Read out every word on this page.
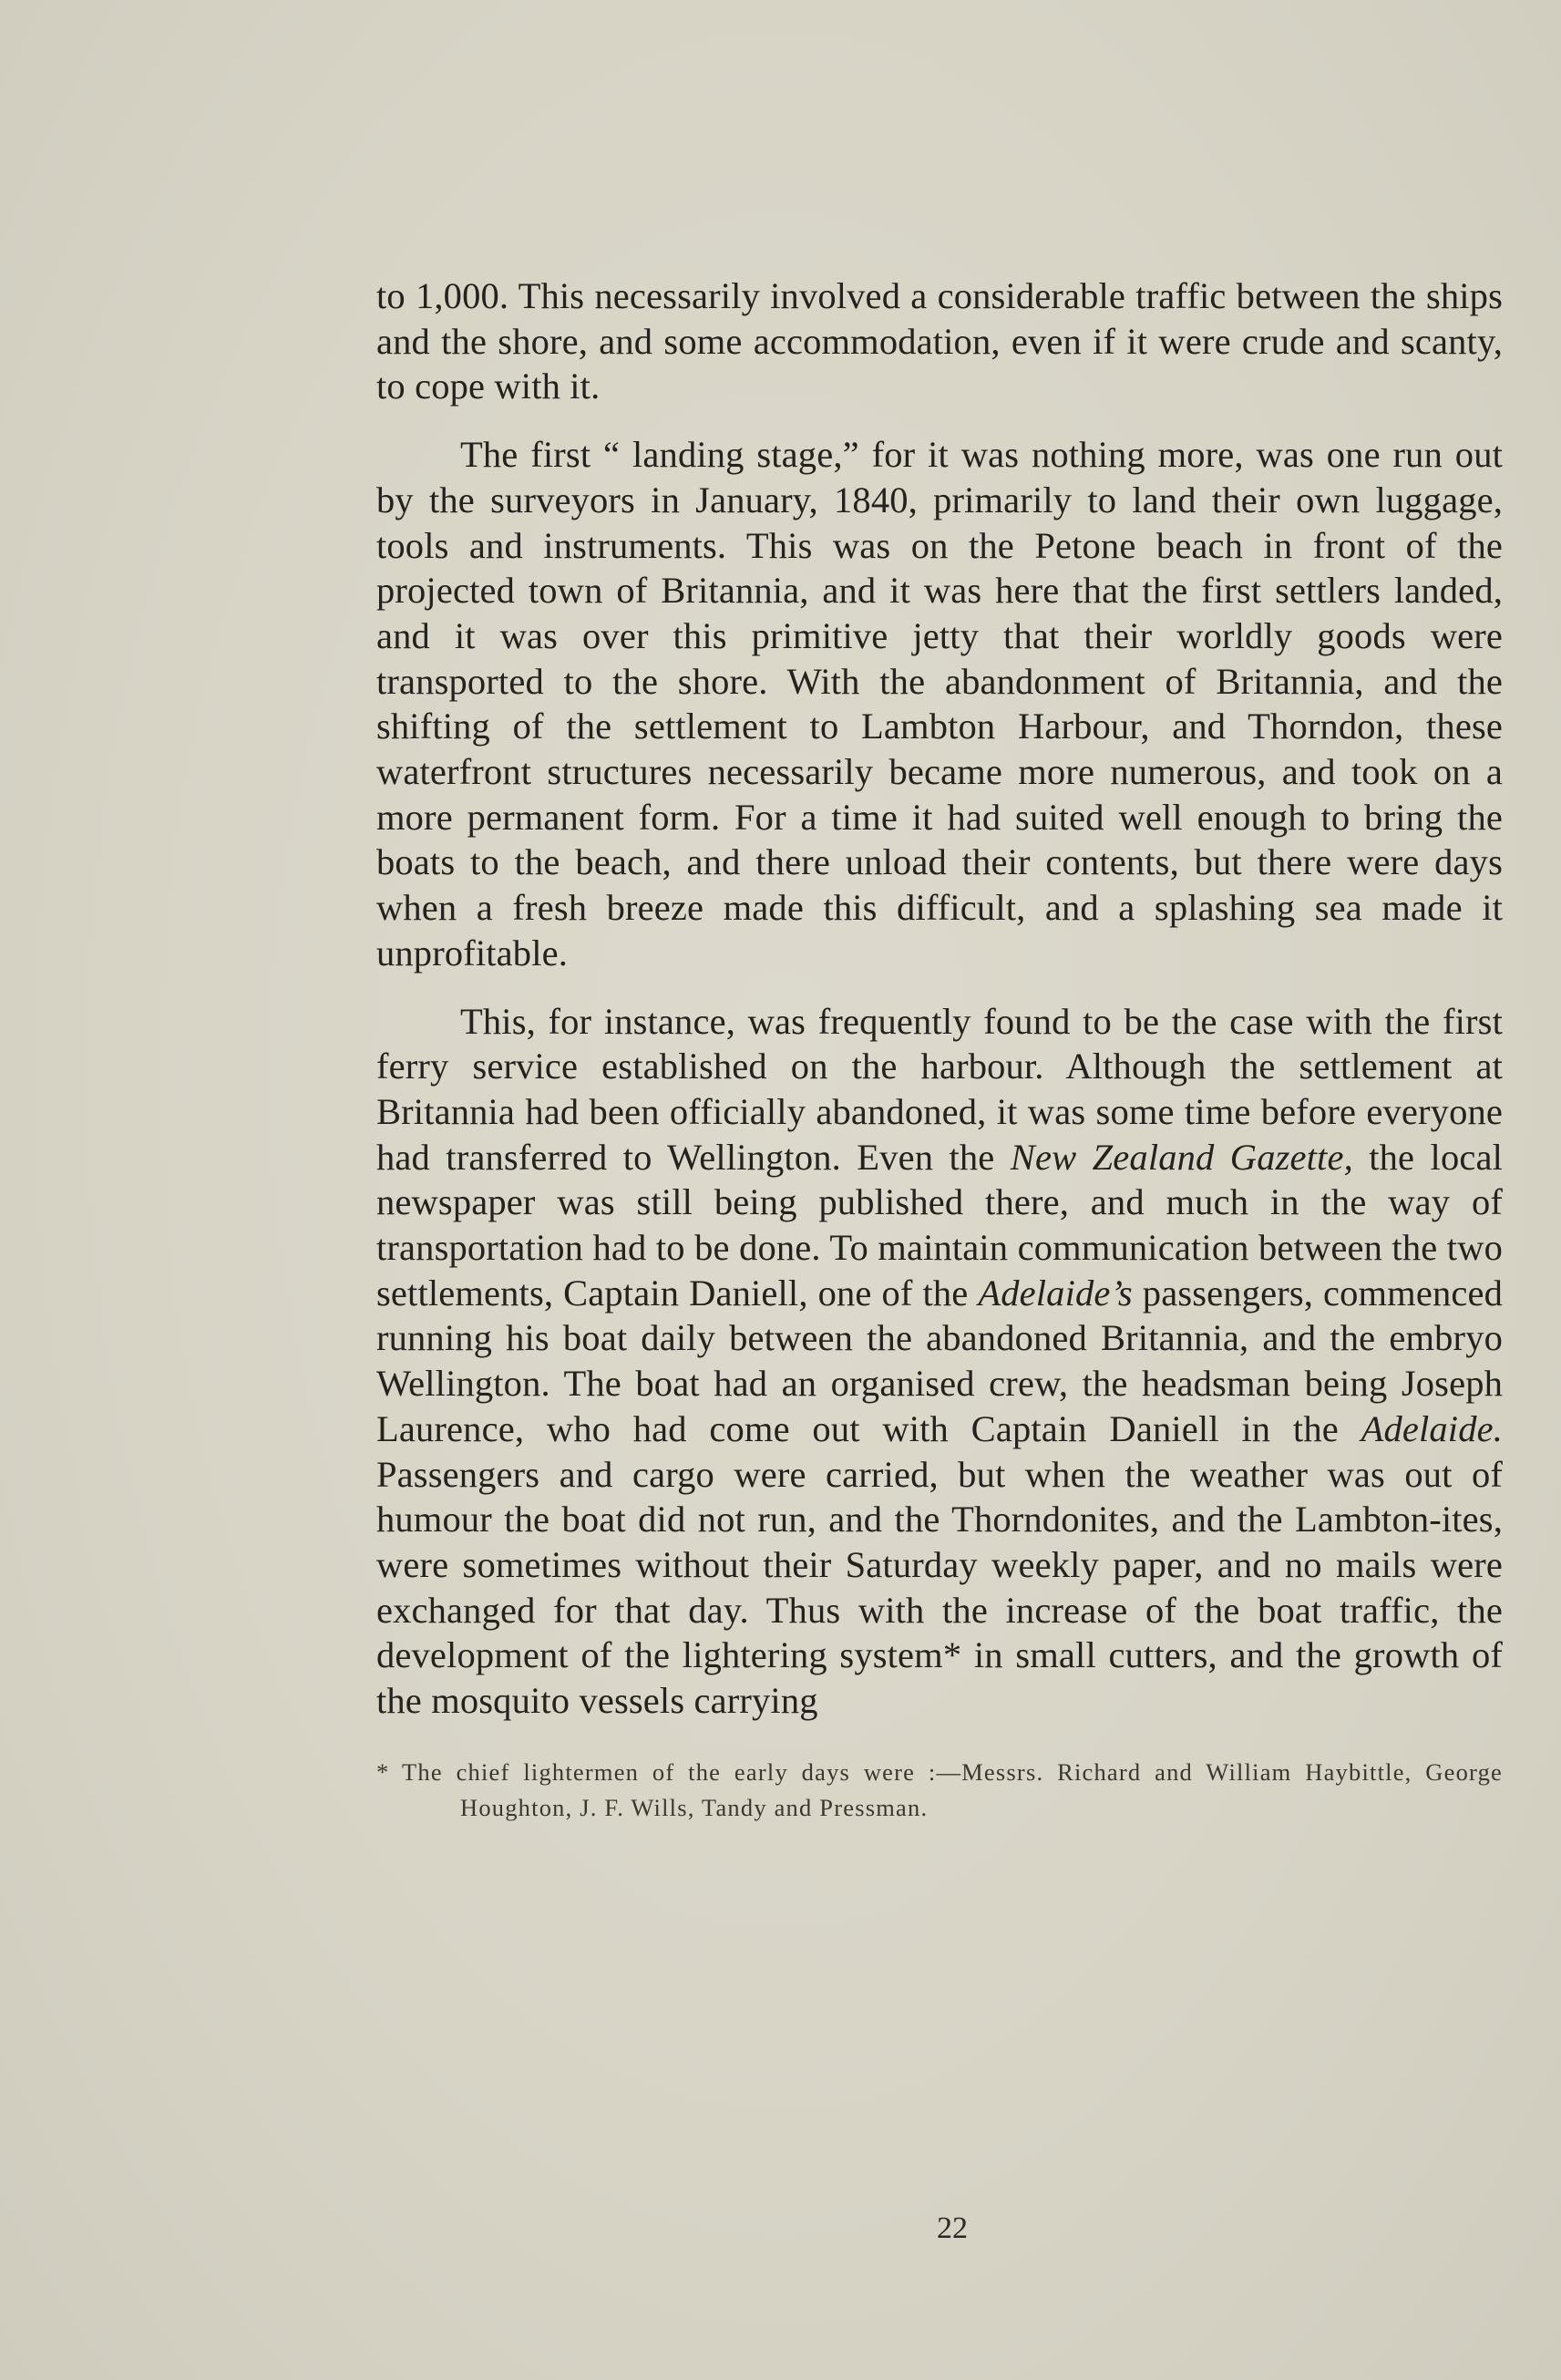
to 1,000. This necessarily involved a considerable traffic between the ships and the shore, and some accommodation, even if it were crude and scanty, to cope with it.

The first “ landing stage,” for it was nothing more, was one run out by the surveyors in January, 1840, primarily to land their own luggage, tools and instruments. This was on the Petone beach in front of the projected town of Britannia, and it was here that the first settlers landed, and it was over this primitive jetty that their worldly goods were transported to the shore. With the abandonment of Britannia, and the shifting of the settlement to Lambton Harbour, and Thorndon, these waterfront structures necessarily became more numerous, and took on a more permanent form. For a time it had suited well enough to bring the boats to the beach, and there unload their contents, but there were days when a fresh breeze made this difficult, and a splashing sea made it unprofitable.

This, for instance, was frequently found to be the case with the first ferry service established on the harbour. Although the settlement at Britannia had been officially abandoned, it was some time before everyone had transferred to Wellington. Even the New Zealand Gazette, the local newspaper was still being published there, and much in the way of transportation had to be done. To maintain communication between the two settlements, Captain Daniell, one of the Adelaide’s passengers, commenced running his boat daily between the abandoned Britannia, and the embryo Wellington. The boat had an organised crew, the headsman being Joseph Laurence, who had come out with Captain Daniell in the Adelaide. Passengers and cargo were carried, but when the weather was out of humour the boat did not run, and the Thorndonites, and the Lambton-ites, were sometimes without their Saturday weekly paper, and no mails were exchanged for that day. Thus with the increase of the boat traffic, the development of the lightering system* in small cutters, and the growth of the mosquito vessels carrying

* The chief lightermen of the early days were :—Messrs. Richard and William Haybittle, George Houghton, J. F. Wills, Tandy and Pressman.

22
